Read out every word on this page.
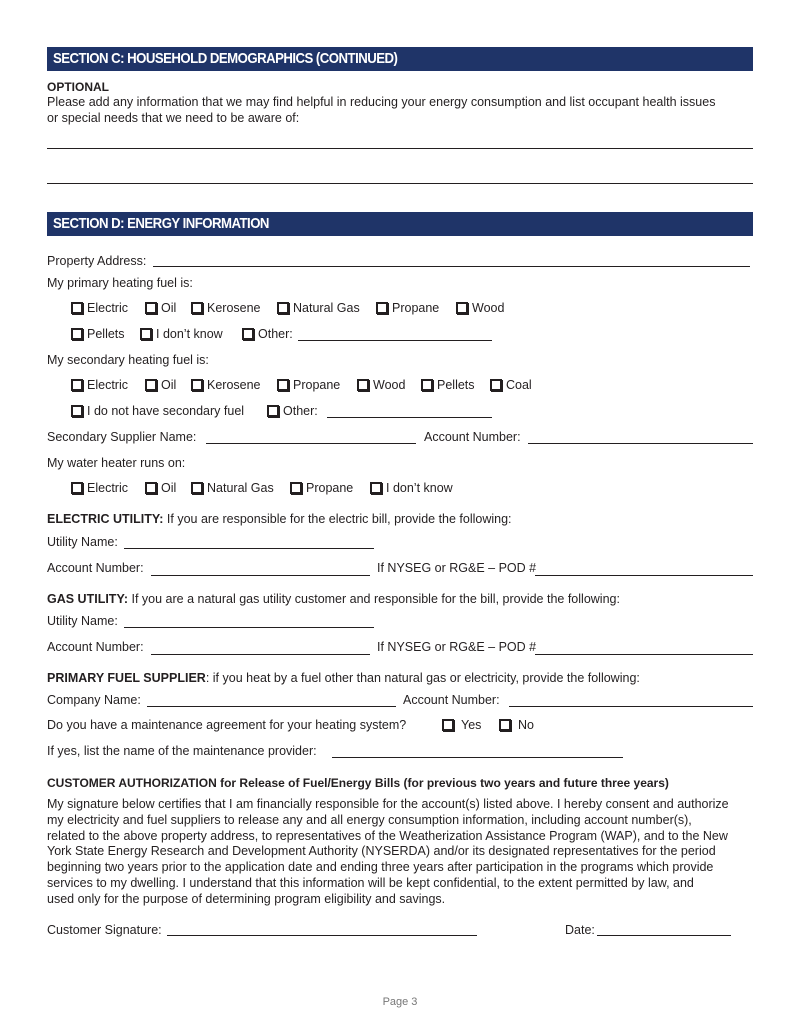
SECTION C: HOUSEHOLD DEMOGRAPHICS (CONTINUED)
OPTIONAL
Please add any information that we may find helpful in reducing your energy consumption and list occupant health issues
or special needs that we need to be aware of:
SECTION D: ENERGY INFORMATION
Property Address:
My primary heating fuel is:
Electric	Oil Kerosene	Natural Gas	Propane	Wood
Pellets	I don’t know	Other:
My secondary heating fuel is:
Electric	Oil Kerosene	Propane	Wood	Pellets	Coal
I do not have secondary fuel	Other:
Secondary Supplier Name:	Account Number:
My water heater runs on:
Electric	Oil Natural Gas	Propane	I don’t know
ELECTRIC UTILITY: If you are responsible for the electric bill, provide the following:
Utility Name:
Account Number:	If NYSEG or RG&E – POD #
GAS UTILITY: If you are a natural gas utility customer and responsible for the bill, provide the following:
Utility Name:
Account Number:	If NYSEG or RG&E – POD #
PRIMARY FUEL SUPPLIER: if you heat by a fuel other than natural gas or electricity, provide the following:
Company Name:	Account Number:
Do you have a maintenance agreement for your heating system?	Yes	No
If yes, list the name of the maintenance provider:
CUSTOMER AUTHORIZATION for Release of Fuel/Energy Bills (for previous two years and future three years)
My signature below certifies that I am financially responsible for the account(s) listed above. I hereby consent and authorize
my electricity and fuel suppliers to release any and all energy consumption information, including account number(s),
related to the above property address, to representatives of the Weatherization Assistance Program (WAP), and to the New
York State Energy Research and Development Authority (NYSERDA) and/or its designated representatives for the period
beginning two years prior to the application date and ending three years after participation in the programs which provide
services to my dwelling. I understand that this information will be kept confidential, to the extent permitted by law, and
used only for the purpose of determining program eligibility and savings.
Customer Signature:	Date:
Page 3
